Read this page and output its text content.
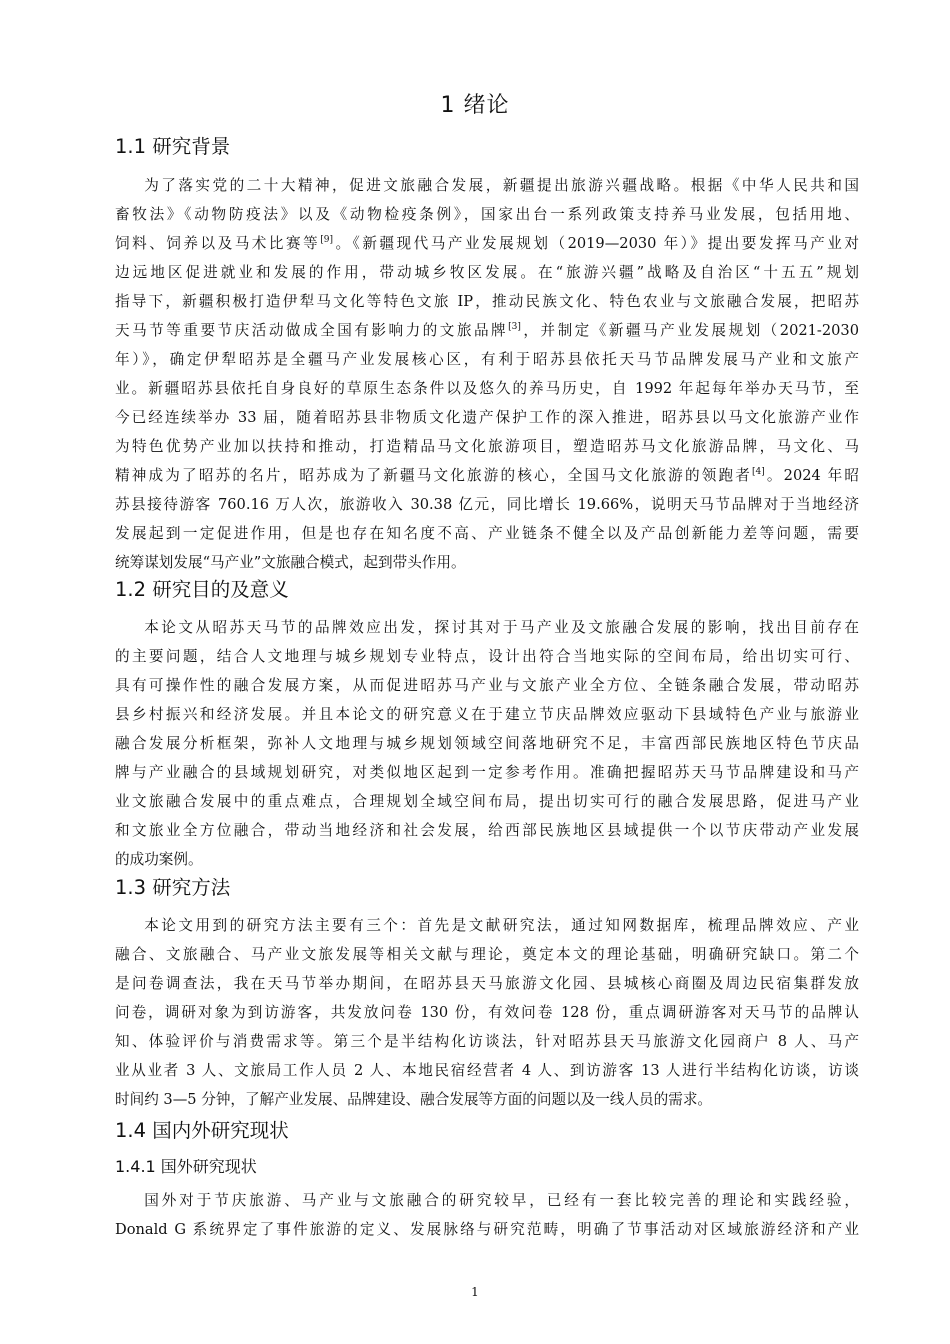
1 绪论
1.1 研究背景
为了落实党的二十大精神，促进文旅融合发展，新疆提出旅游兴疆战略。根据《中华人民共和国
畜牧法》《动物防疫法》以及《动物检疫条例》，国家出台一系列政策支持养马业发展，包括用地、
饲料、饲养以及马术比赛等[9]。《新疆现代马产业发展规划（2019—2030 年）》提出要发挥马产业对
边远地区促进就业和发展的作用，带动城乡牧区发展。在“旅游兴疆”战略及自治区“十五五”规划
指导下，新疆积极打造伊犁马文化等特色文旅 IP，推动民族文化、特色农业与文旅融合发展，把昭苏
天马节等重要节庆活动做成全国有影响力的文旅品牌[3]，并制定《新疆马产业发展规划（2021-2030
年）》，确定伊犁昭苏是全疆马产业发展核心区，有利于昭苏县依托天马节品牌发展马产业和文旅产
业。新疆昭苏县依托自身良好的草原生态条件以及悠久的养马历史，自 1992 年起每年举办天马节，至
今已经连续举办 33 届，随着昭苏县非物质文化遗产保护工作的深入推进，昭苏县以马文化旅游产业作
为特色优势产业加以扶持和推动，打造精品马文化旅游项目，塑造昭苏马文化旅游品牌，马文化、马
精神成为了昭苏的名片，昭苏成为了新疆马文化旅游的核心，全国马文化旅游的领跑者[4]。2024 年昭
苏县接待游客 760.16 万人次，旅游收入 30.38 亿元，同比增长 19.66%，说明天马节品牌对于当地经济
发展起到一定促进作用，但是也存在知名度不高、产业链条不健全以及产品创新能力差等问题，需要
统筹谋划发展“马产业”文旅融合模式，起到带头作用。
1.2 研究目的及意义
本论文从昭苏天马节的品牌效应出发，探讨其对于马产业及文旅融合发展的影响，找出目前存在
的主要问题，结合人文地理与城乡规划专业特点，设计出符合当地实际的空间布局，给出切实可行、
具有可操作性的融合发展方案，从而促进昭苏马产业与文旅产业全方位、全链条融合发展，带动昭苏
县乡村振兴和经济发展。并且本论文的研究意义在于建立节庆品牌效应驱动下县域特色产业与旅游业
融合发展分析框架，弥补人文地理与城乡规划领域空间落地研究不足，丰富西部民族地区特色节庆品
牌与产业融合的县域规划研究，对类似地区起到一定参考作用。准确把握昭苏天马节品牌建设和马产
业文旅融合发展中的重点难点，合理规划全域空间布局，提出切实可行的融合发展思路，促进马产业
和文旅业全方位融合，带动当地经济和社会发展，给西部民族地区县域提供一个以节庆带动产业发展
的成功案例。
1.3 研究方法
本论文用到的研究方法主要有三个：首先是文献研究法，通过知网数据库，梳理品牌效应、产业
融合、文旅融合、马产业文旅发展等相关文献与理论，奠定本文的理论基础，明确研究缺口。第二个
是问卷调查法，我在天马节举办期间，在昭苏县天马旅游文化园、县城核心商圈及周边民宿集群发放
问卷，调研对象为到访游客，共发放问卷 130 份，有效问卷 128 份，重点调研游客对天马节的品牌认
知、体验评价与消费需求等。第三个是半结构化访谈法，针对昭苏县天马旅游文化园商户 8 人、马产
业从业者 3 人、文旅局工作人员 2 人、本地民宿经营者 4 人、到访游客 13 人进行半结构化访谈，访谈
时间约 3—5 分钟，了解产业发展、品牌建设、融合发展等方面的问题以及一线人员的需求。
1.4 国内外研究现状
1.4.1 国外研究现状
国外对于节庆旅游、马产业与文旅融合的研究较早，已经有一套比较完善的理论和实践经验，
Donald G 系统界定了事件旅游的定义、发展脉络与研究范畴，明确了节事活动对区域旅游经济和产业
1
